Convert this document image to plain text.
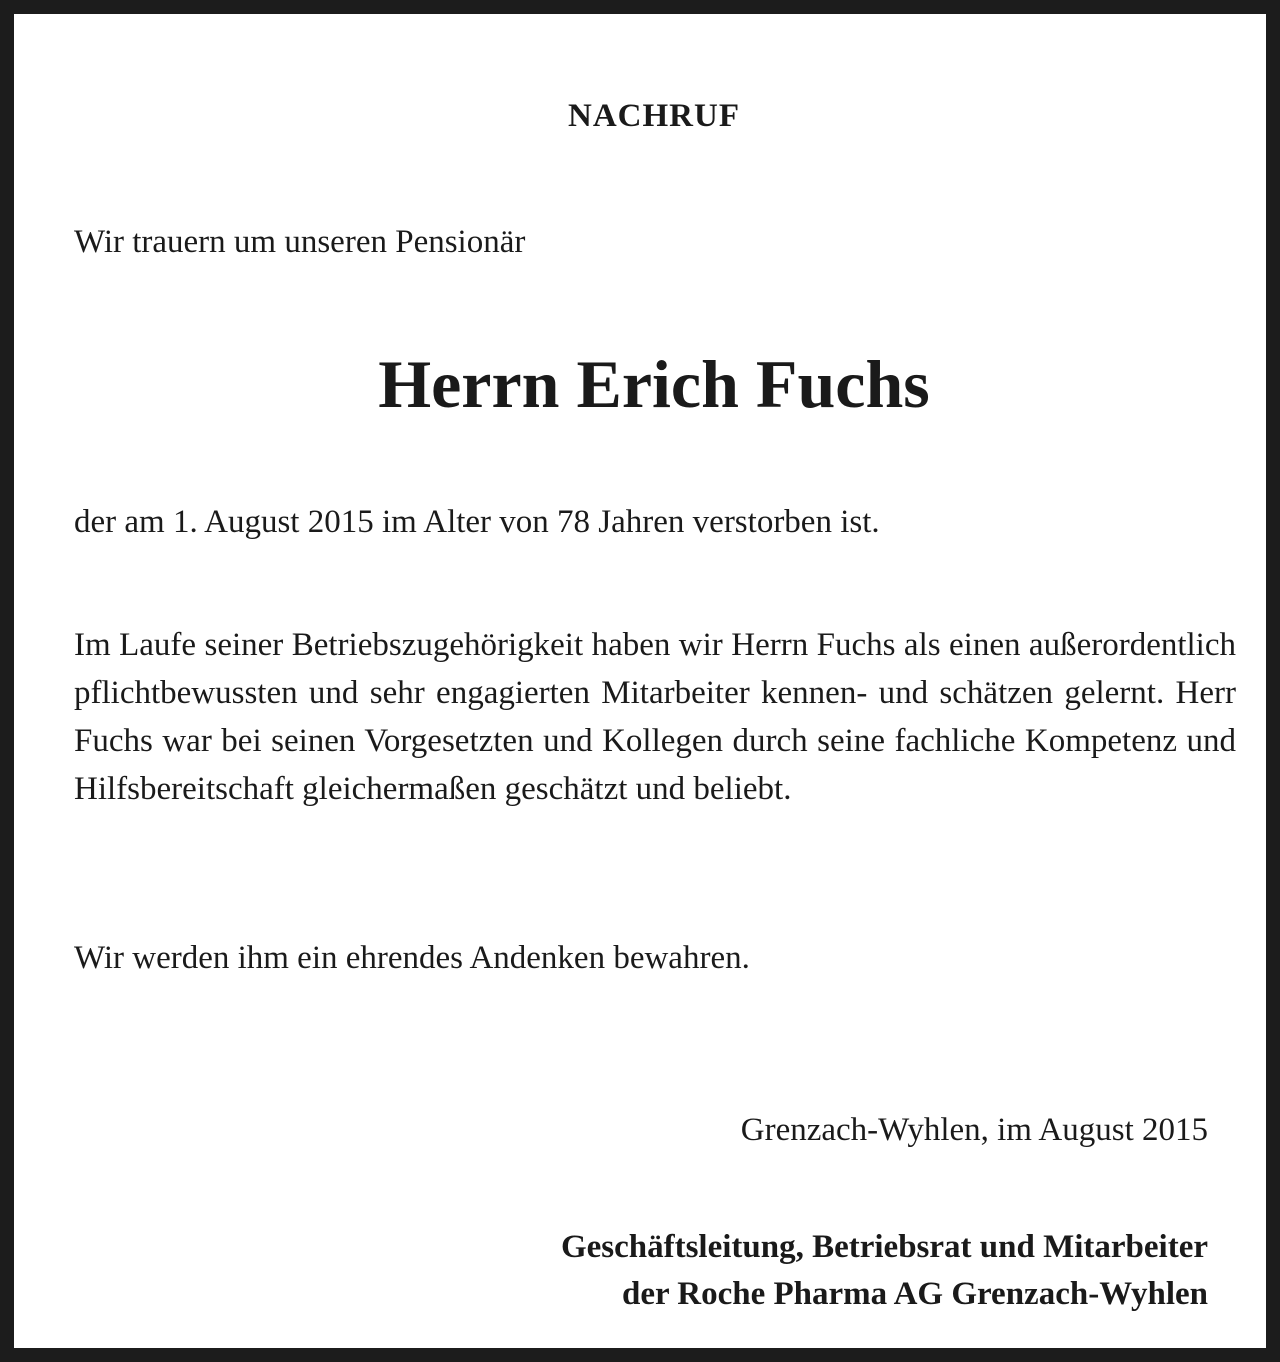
NACHRUF
Wir trauern um unseren Pensionär
Herrn Erich Fuchs
der am 1. August 2015 im Alter von 78 Jahren verstorben ist.

Im Laufe seiner Betriebszugehörigkeit haben wir Herrn Fuchs als einen außerordentlich pflichtbewussten und sehr engagierten Mitarbeiter kennen- und schätzen gelernt. Herr Fuchs war bei seinen Vorgesetzten und Kollegen durch seine fachliche Kompetenz und Hilfsbereitschaft gleichermaßen geschätzt und beliebt.

Wir werden ihm ein ehrendes Andenken bewahren.
Grenzach-Wyhlen, im August 2015
Geschäftsleitung, Betriebsrat und Mitarbeiter
der Roche Pharma AG Grenzach-Wyhlen
